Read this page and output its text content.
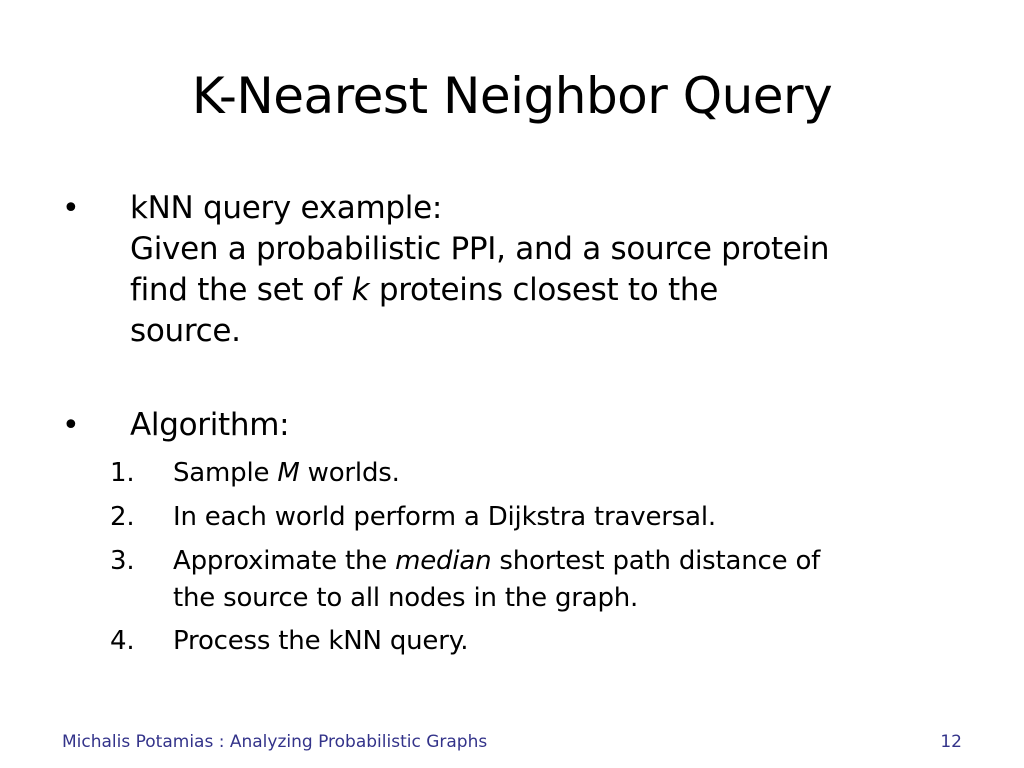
K-Nearest Neighbor Query
• kNN query example:
Given a probabilistic PPI, and a source protein
find the set of k proteins closest to the
source.
• Algorithm:
1. Sample M worlds.
2. In each world perform a Dijkstra traversal.
3. Approximate the median shortest path distance of
the source to all nodes in the graph.
4. Process the kNN query.
Michalis Potamias : Analyzing Probabilistic Graphs	12
